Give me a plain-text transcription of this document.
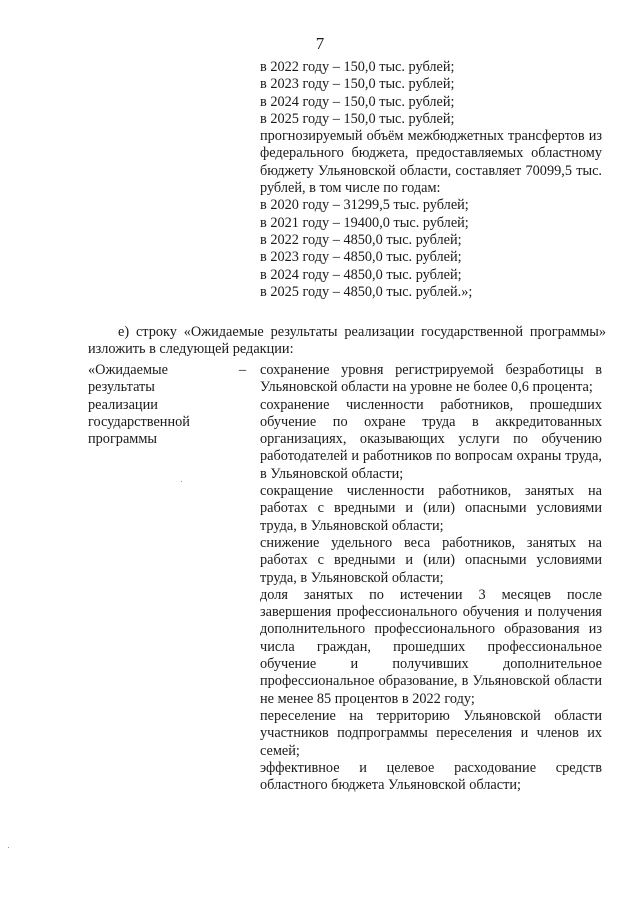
7
в 2022 году – 150,0 тыс. рублей;
в 2023 году – 150,0 тыс. рублей;
в 2024 году – 150,0 тыс. рублей;
в 2025 году – 150,0 тыс. рублей;
прогнозируемый объём межбюджетных трансфертов из федерального бюджета, предоставляемых областному бюджету Ульяновской области, составляет 70099,5 тыс. рублей, в том числе по годам:
в 2020 году – 31299,5 тыс. рублей;
в 2021 году – 19400,0 тыс. рублей;
в 2022 году – 4850,0 тыс. рублей;
в 2023 году – 4850,0 тыс. рублей;
в 2024 году – 4850,0 тыс. рублей;
в 2025 году – 4850,0 тыс. рублей.»;
е) строку «Ожидаемые результаты реализации государственной программы» изложить в следующей редакции:
«Ожидаемые результаты реализации государственной программы
– сохранение уровня регистрируемой безработицы в Ульяновской области на уровне не более 0,6 процента;
сохранение численности работников, прошедших обучение по охране труда в аккредитованных организациях, оказывающих услуги по обучению работодателей и работников по вопросам охраны труда, в Ульяновской области;
сокращение численности работников, занятых на работах с вредными и (или) опасными условиями труда, в Ульяновской области;
снижение удельного веса работников, занятых на работах с вредными и (или) опасными условиями труда, в Ульяновской области;
доля занятых по истечении 3 месяцев после завершения профессионального обучения и получения дополнительного профессионального образования из числа граждан, прошедших профессиональное обучение и получивших дополнительное профессиональное образование, в Ульяновской области не менее 85 процентов в 2022 году;
переселение на территорию Ульяновской области участников подпрограммы переселения и членов их семей;
эффективное и целевое расходование средств областного бюджета Ульяновской области;
